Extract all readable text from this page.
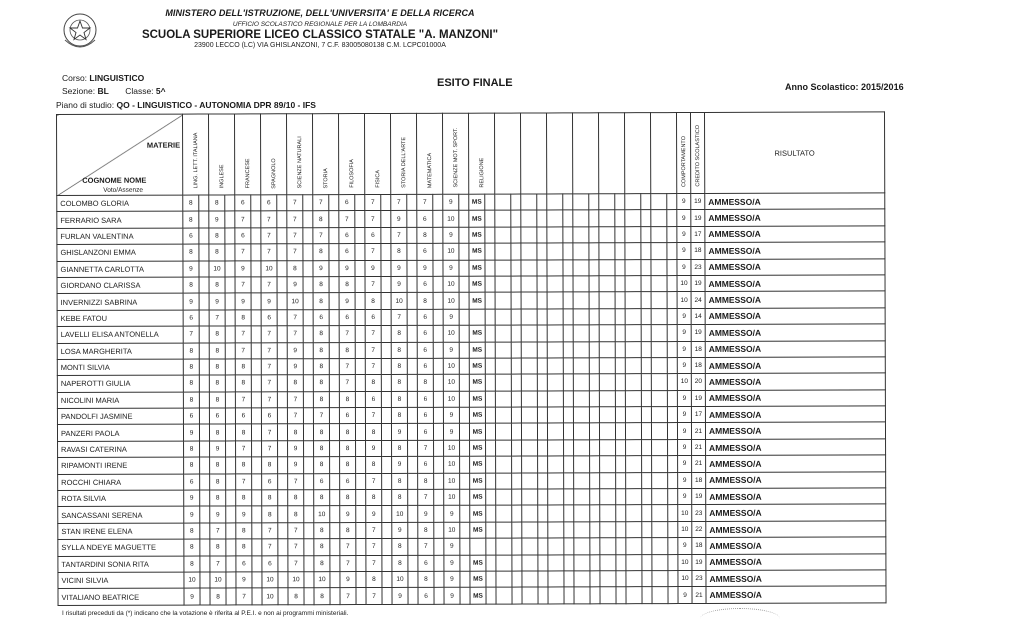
MINISTERO DELL'ISTRUZIONE, DELL'UNIVERSITA' E DELLA RICERCA
UFFICIO SCOLASTICO REGIONALE PER LA LOMBARDIA
SCUOLA SUPERIORE LICEO CLASSICO STATALE "A. MANZONI"
23900 LECCO (LC) VIA GHISLANZONI, 7 C.F. 83005080138 C.M. LCPC01000A
Corso: LINGUISTICO
Sezione: BL Classe: 5^
Piano di studio: QO - LINGUISTICO - AUTONOMIA DPR 89/10 - IFS
ESITO FINALE	Anno Scolastico: 2015/2016
MATERIE
COGNOME NOME
Voto/Assenze	LING. LETT. ITALIANA		INGLESE		FRANCESE		SPAGNOLO		SCIENZE NATURALI		STORIA		FILOSOFIA		FISICA		STORIA DELL'ARTE		MATEMATICA		SCIENZE MOT. SPORT.		RELIGIONE																COMPORTAMENTO	CREDITO SCOLASTICO	RISULTATO
COLOMBO GLORIA	8		8		6		6		7		7		6		7		7		7		9		MS																9	19	AMMESSO/A
FERRARIO SARA	8		9		7		7		7		8		7		7		9		6		10		MS																9	19	AMMESSO/A
FURLAN VALENTINA	6		8		6		7		7		7		6		6		7		8		9		MS																9	17	AMMESSO/A
GHISLANZONI EMMA	8		8		7		7		7		8		6		7		8		6		10		MS																9	18	AMMESSO/A
GIANNETTA CARLOTTA	9		10		9		10		8		9		9		9		9		9		9		MS																9	23	AMMESSO/A
GIORDANO CLARISSA	8		8		7		7		9		8		8		7		9		6		10		MS																10	19	AMMESSO/A
INVERNIZZI SABRINA	9		9		9		9		10		8		9		8		10		8		10		MS																10	24	AMMESSO/A
KEBE FATOU	6		7		8		6		7		6		6		6		7		6		9																		9	14	AMMESSO/A
LAVELLI ELISA ANTONELLA	7		8		7		7		7		8		7		7		8		6		10		MS																9	19	AMMESSO/A
LOSA MARGHERITA	8		8		7		7		9		8		8		7		8		6		9		MS																9	18	AMMESSO/A
MONTI SILVIA	8		8		8		7		9		8		7		7		8		6		10		MS																9	18	AMMESSO/A
NAPEROTTI GIULIA	8		8		8		7		8		8		7		8		8		8		10		MS																10	20	AMMESSO/A
NICOLINI MARIA	8		8		7		7		7		8		8		6		8		6		10		MS																9	19	AMMESSO/A
PANDOLFI JASMINE	6		6		6		6		7		7		6		7		8		6		9		MS																9	17	AMMESSO/A
PANZERI PAOLA	9		8		8		7		8		8		8		8		9		6		9		MS																9	21	AMMESSO/A
RAVASI CATERINA	8		9		7		7		9		8		8		9		8		7		10		MS																9	21	AMMESSO/A
RIPAMONTI IRENE	8		8		8		8		9		8		8		8		9		6		10		MS																9	21	AMMESSO/A
ROCCHI CHIARA	6		8		7		6		7		6		6		7		8		8		10		MS																9	18	AMMESSO/A
ROTA SILVIA	9		8		8		8		8		8		8		8		8		7		10		MS																9	19	AMMESSO/A
SANCASSANI SERENA	9		9		9		8		8		10		9		9		10		9		9		MS																10	23	AMMESSO/A
STAN IRENE ELENA	8		7		8		7		7		8		8		7		9		8		10		MS																10	22	AMMESSO/A
SYLLA NDEYE MAGUETTE	8		8		8		7		7		8		7		7		8		7		9																		9	18	AMMESSO/A
TANTARDINI SONIA RITA	8		7		6		6		7		8		7		7		8		6		9		MS																10	19	AMMESSO/A
VICINI SILVIA	10		10		9		10		10		10		9		8		10		8		9		MS																10	23	AMMESSO/A
VITALIANO BEATRICE	9		8		7		10		8		8		7		7		9		6		9		MS																9	21	AMMESSO/A
I risultati preceduti da (*) indicano che la votazione è riferita al P.E.I. e non ai programmi ministeriali.
